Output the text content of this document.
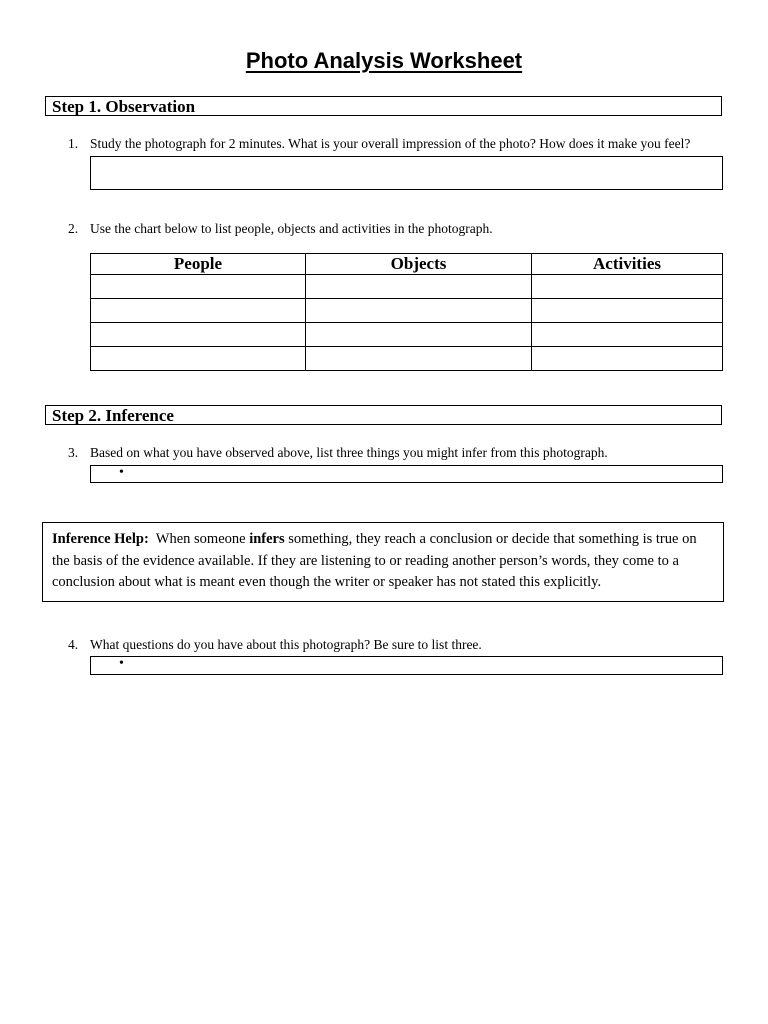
Photo Analysis Worksheet
Step 1. Observation
1. Study the photograph for 2 minutes. What is your overall impression of the photo? How does it make you feel?
2. Use the chart below to list people, objects and activities in the photograph.
People	Objects	Activities

Step 2. Inference
3. Based on what you have observed above, list three things you might infer from this photograph.
•
Inference Help: When someone infers something, they reach a conclusion or decide that something is true on the basis of the evidence available. If they are listening to or reading another person’s words, they come to a conclusion about what is meant even though the writer or speaker has not stated this explicitly.
4. What questions do you have about this photograph? Be sure to list three.
•
